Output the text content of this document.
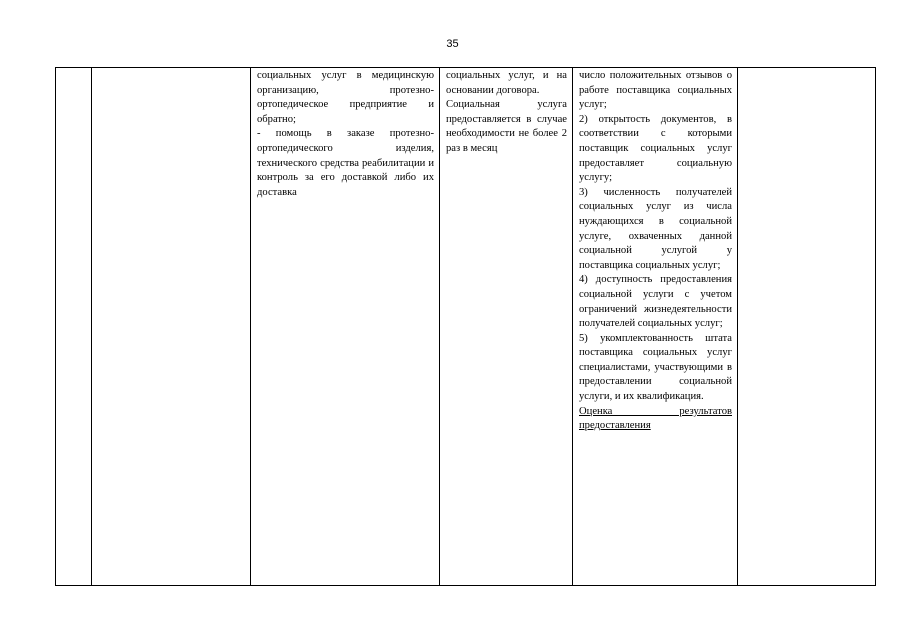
35

социальных услуг в медицинскую организацию, протезно-ортопедическое предприятие и обратно;

- помощь в заказе протезно-ортопедического изделия, технического средства реабилитации и контроль за его доставкой либо их доставка

социальных услуг, и на основании договора.

Социальная услуга предоставляется в случае необходимости не более 2 раз в месяц

число положительных отзывов о работе поставщика социальных услуг;

2) открытость документов, в соответствии с которыми поставщик социальных услуг предоставляет социальную услугу;

3) численность получателей социальных услуг из числа нуждающихся в социальной услуге, охваченных данной социальной услугой у поставщика социальных услуг;

4) доступность предоставления социальной услуги с учетом ограничений жизнедеятельности получателей социальных услуг;

5) укомплектованность штата поставщика социальных услуг специалистами, участвующими в предоставлении социальной услуги, и их квалификация.

Оценка результатов предоставления
